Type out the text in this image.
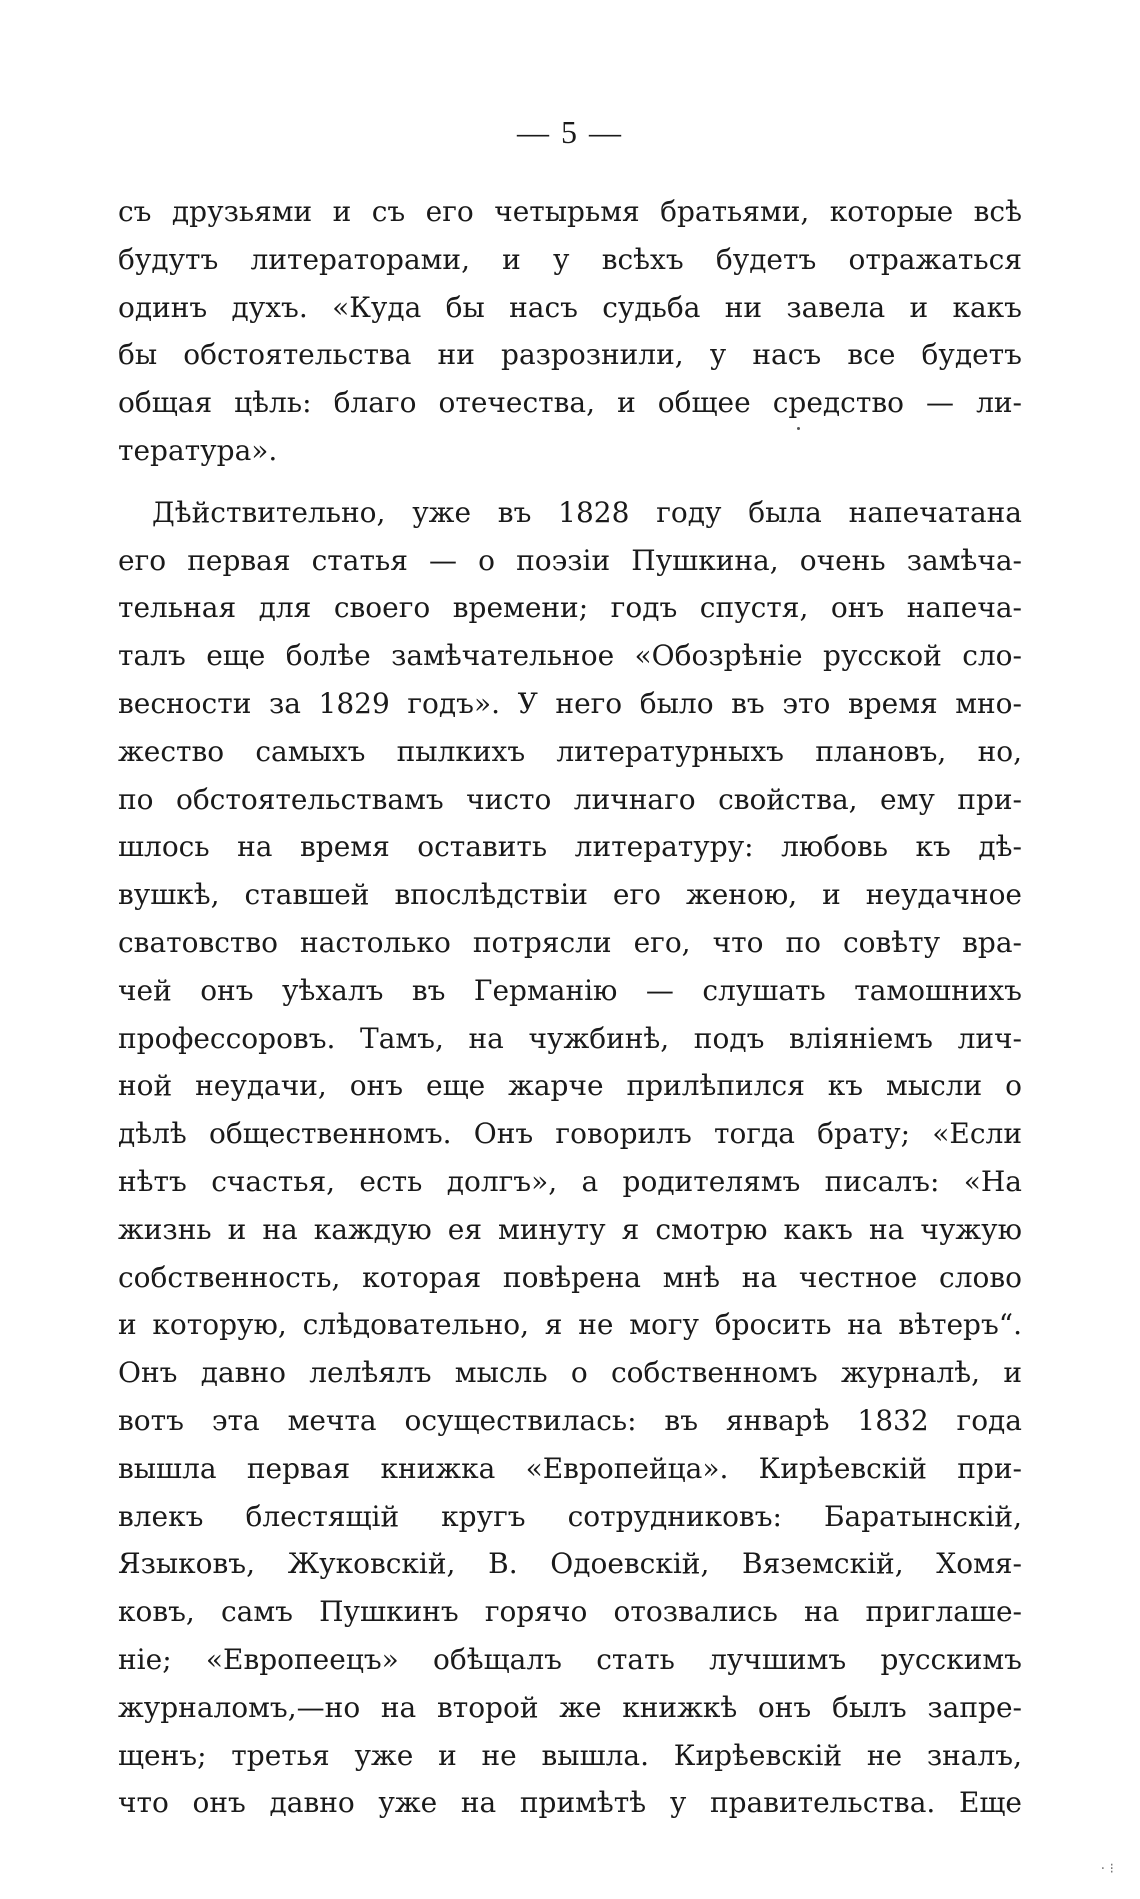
— 5 —
съ друзьями и съ его четырьмя братьями, которые всѣ
будутъ литераторами, и у всѣхъ будетъ отражаться
одинъ духъ. «Куда бы насъ судьба ни завела и какъ
бы обстоятельства ни разрознили, у насъ все будетъ
общая цѣль: благо отечества, и общее средство — ли-
тература».
Дѣйствительно, уже въ 1828 году была напечатана
его первая статья — о поэзіи Пушкина, очень замѣча-
тельная для своего времени; годъ спустя, онъ напеча-
талъ еще болѣе замѣчательное «Обозрѣніе русской сло-
весности за 1829 годъ». У него было въ это время мно-
жество самыхъ пылкихъ литературныхъ плановъ, но,
по обстоятельствамъ чисто личнаго свойства, ему при-
шлось на время оставить литературу: любовь къ дѣ-
вушкѣ, ставшей впослѣдствіи его женою, и неудачное
сватовство настолько потрясли его, что по совѣту вра-
чей онъ уѣхалъ въ Германію — слушать тамошнихъ
профессоровъ. Тамъ, на чужбинѣ, подъ вліяніемъ лич-
ной неудачи, онъ еще жарче прилѣпился къ мысли о
дѣлѣ общественномъ. Онъ говорилъ тогда брату; «Если
нѣтъ счастья, есть долгъ», а родителямъ писалъ: «На
жизнь и на каждую ея минуту я смотрю какъ на чужую
собственность, которая повѣрена мнѣ на честное слово
и которую, слѣдовательно, я не могу бросить на вѣтеръ“.
Онъ давно лелѣялъ мысль о собственномъ журналѣ, и
вотъ эта мечта осуществилась: въ январѣ 1832 года
вышла первая книжка «Европейца». Кирѣевскій при-
влекъ блестящій кругъ сотрудниковъ: Баратынскій,
Языковъ, Жуковскій, В. Одоевскій, Вяземскій, Хомя-
ковъ, самъ Пушкинъ горячо отозвались на приглаше-
ніе; «Европеецъ» обѣщалъ стать лучшимъ русскимъ
журналомъ,—но на второй же книжкѣ онъ былъ запре-
щенъ; третья уже и не вышла. Кирѣевскій не зналъ,
что онъ давно уже на примѣтѣ у правительства. Еще
· ⁝
